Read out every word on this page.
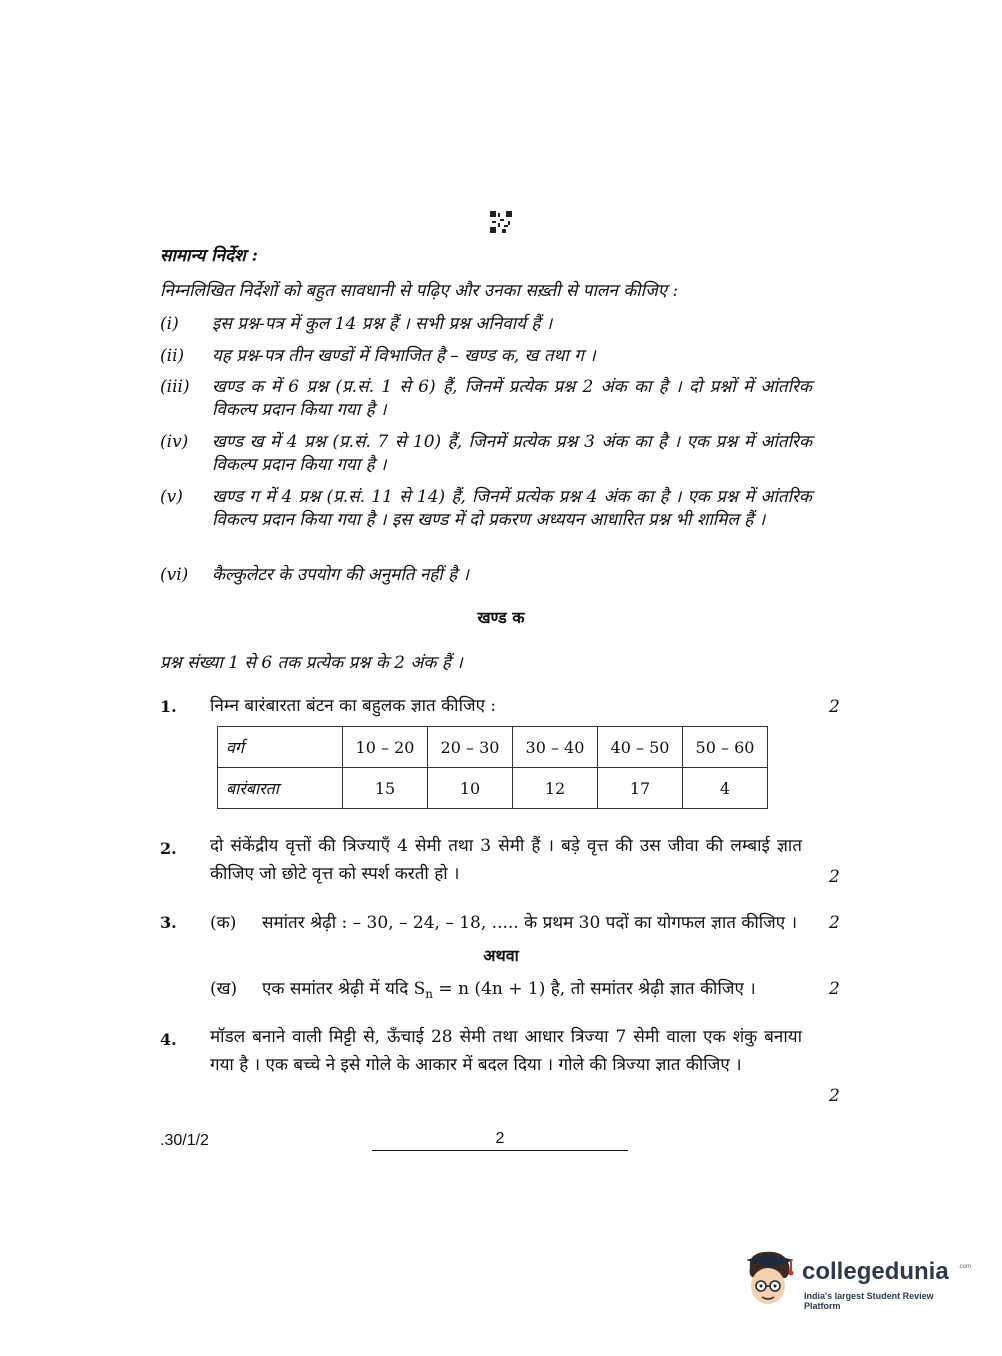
सामान्य निर्देश :
निम्नलिखित निर्देशों को बहुत सावधानी से पढ़िए और उनका सख़्ती से पालन कीजिए :
(i)	इस प्रश्न-पत्र में कुल 14 प्रश्न हैं । सभी प्रश्न अनिवार्य हैं ।
(ii)	यह प्रश्न-पत्र तीन खण्डों में विभाजित है – खण्ड क, ख तथा ग ।
(iii)	खण्ड क में 6 प्रश्न (प्र.सं. 1 से 6) हैं, जिनमें प्रत्येक प्रश्न 2 अंक का है । दो प्रश्नों में आंतरिक विकल्प प्रदान किया गया है ।
(iv)	खण्ड ख में 4 प्रश्न (प्र.सं. 7 से 10) हैं, जिनमें प्रत्येक प्रश्न 3 अंक का है । एक प्रश्न में आंतरिक विकल्प प्रदान किया गया है ।
(v)	खण्ड ग में 4 प्रश्न (प्र.सं. 11 से 14) हैं, जिनमें प्रत्येक प्रश्न 4 अंक का है । एक प्रश्न में आंतरिक विकल्प प्रदान किया गया है । इस खण्ड में दो प्रकरण अध्ययन आधारित प्रश्न भी शामिल हैं ।
(vi)	कैल्कुलेटर के उपयोग की अनुमति नहीं है ।
खण्ड क
प्रश्न संख्या 1 से 6 तक प्रत्येक प्रश्न के 2 अंक हैं ।
1. निम्न बारंबारता बंटन का बहुलक ज्ञात कीजिए :	2
वर्ग	10 – 20	20 – 30	30 – 40	40 – 50	50 – 60
बारंबारता	15	10	12	17	4
2. दो संकेंद्रीय वृत्तों की त्रिज्याएँ 4 सेमी तथा 3 सेमी हैं । बड़े वृत्त की उस जीवा की लम्बाई ज्ञात कीजिए जो छोटे वृत्त को स्पर्श करती हो ।	2
3. (क) समांतर श्रेढ़ी : – 30, – 24, – 18, ..... के प्रथम 30 पदों का योगफल ज्ञात कीजिए ।	2
अथवा
(ख) एक समांतर श्रेढ़ी में यदि $S_n = n$ (4n + 1) है, तो समांतर श्रेढ़ी ज्ञात कीजिए ।	2
4. मॉडल बनाने वाली मिट्टी से, ऊँचाई 28 सेमी तथा आधार त्रिज्या 7 सेमी वाला एक शंकु बनाया गया है । एक बच्चे ने इसे गोले के आकार में बदल दिया । गोले की त्रिज्या ज्ञात कीजिए ।
2
.30/1/2	2
collegedunia .com
India's largest Student Review Platform
